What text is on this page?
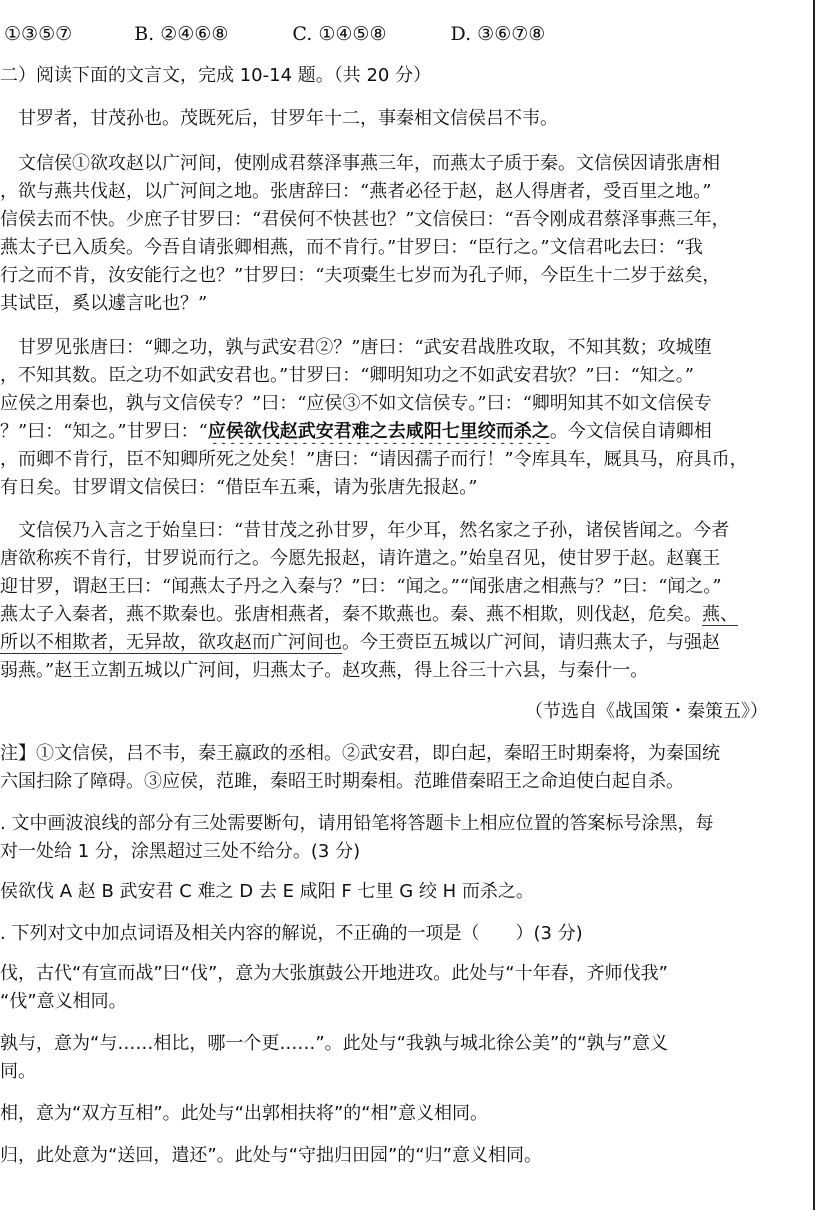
①③⑤⑦	B. ②④⑥⑧	C. ①④⑤⑧	D. ③⑥⑦⑧
二）阅读下面的文言文，完成 10-14 题。（共 20 分）
甘罗者，甘茂孙也。茂既死后，甘罗年十二，事秦相文信侯吕不韦。
文信侯①欲攻赵以广河间，使刚成君蔡泽事燕三年，而燕太子质于秦。文信侯因请张唐相
，欲与燕共伐赵，以广河间之地。张唐辞曰：“燕者必径于赵，赵人得唐者，受百里之地。”
信侯去而不快。少庶子甘罗曰：“君侯何不快甚也？”文信侯曰：“吾令刚成君蔡泽事燕三年，
燕太子已入质矣。今吾自请张卿相燕，而不肯行。”甘罗曰：“臣行之。”文信君叱去曰：“我
行之而不肯，汝安能行之也？”甘罗曰：“夫项橐生七岁而为孔子师，今臣生十二岁于兹矣，
其试臣，奚以遽言叱也？”
甘罗见张唐曰：“卿之功，孰与武安君②？”唐曰：“武安君战胜攻取，不知其数；攻城堕
，不知其数。臣之功不如武安君也。”甘罗曰：“卿明知功之不如武安君欤？”曰：“知之。”
应侯之用秦也，孰与文信侯专？”曰：“应侯③不如文信侯专。”曰：“卿明知其不如文信侯专
？”曰：“知之。”甘罗曰：“应侯欲伐赵武安君难之去咸阳七里绞而杀之。今文信侯自请卿相
，而卿不肯行，臣不知卿所死之处矣！”唐曰：“请因孺子而行！”令库具车，厩具马，府具币，
有日矣。甘罗谓文信侯曰：“借臣车五乘，请为张唐先报赵。”
文信侯乃入言之于始皇曰：“昔甘茂之孙甘罗，年少耳，然名家之子孙，诸侯皆闻之。今者
唐欲称疾不肯行，甘罗说而行之。今愿先报赵，请许遣之。”始皇召见，使甘罗于赵。赵襄王
迎甘罗，谓赵王曰：“闻燕太子丹之入秦与？”曰：“闻之。”“闻张唐之相燕与？”曰：“闻之。”
燕太子入秦者，燕不欺秦也。张唐相燕者，秦不欺燕也。秦、燕不相欺，则伐赵，危矣。燕、
所以不相欺者，无异故，欲攻赵而广河间也。今王赍臣五城以广河间，请归燕太子，与强赵
弱燕。”赵王立割五城以广河间，归燕太子。赵攻燕，得上谷三十六县，与秦什一。
（节选自《战国策・秦策五》）
注】①文信侯，吕不韦，秦王嬴政的丞相。②武安君，即白起，秦昭王时期秦将，为秦国统
六国扫除了障碍。③应侯，范雎，秦昭王时期秦相。范雎借秦昭王之命迫使白起自杀。
. 文中画波浪线的部分有三处需要断句，请用铅笔将答题卡上相应位置的答案标号涂黑，每
对一处给 1 分，涂黑超过三处不给分。(3 分)
侯欲伐 A 赵 B 武安君 C 难之 D 去 E 咸阳 F 七里 G 绞 H 而杀之。
. 下列对文中加点词语及相关内容的解说，不正确的一项是（　　）(3 分)
伐，古代“有宣而战”曰“伐”，意为大张旗鼓公开地进攻。此处与“十年春，齐师伐我”
“伐”意义相同。
孰与，意为“与……相比，哪一个更……”。此处与“我孰与城北徐公美”的“孰与”意义
同。
相，意为“双方互相”。此处与“出郭相扶将”的“相”意义相同。
归，此处意为“送回，遣还”。此处与“守拙归田园”的“归”意义相同。
